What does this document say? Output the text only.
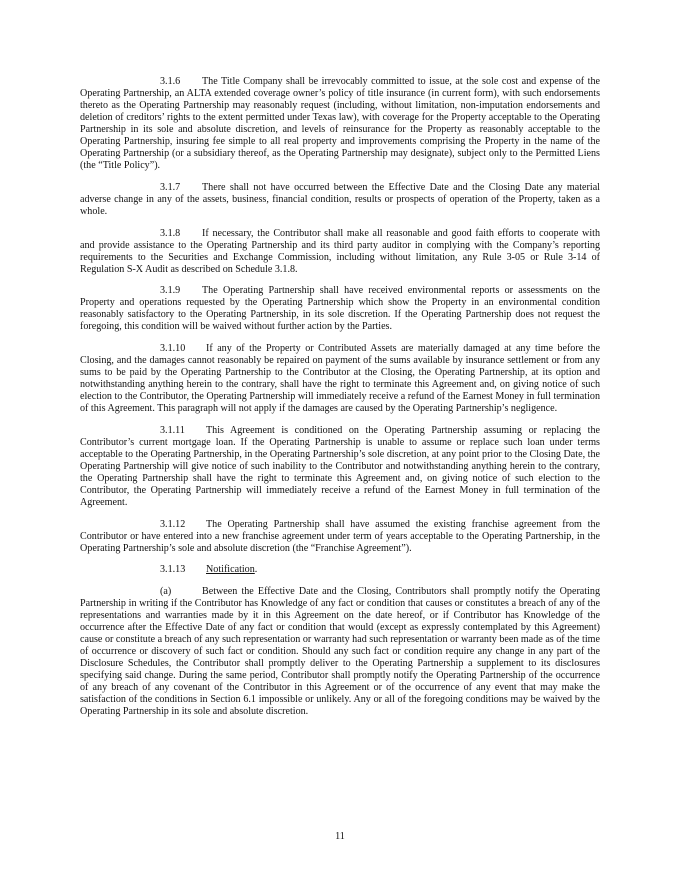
3.1.6 The Title Company shall be irrevocably committed to issue, at the sole cost and expense of the Operating Partnership, an ALTA extended coverage owner’s policy of title insurance (in current form), with such endorsements thereto as the Operating Partnership may reasonably request (including, without limitation, non-imputation endorsements and deletion of creditors’ rights to the extent permitted under Texas law), with coverage for the Property acceptable to the Operating Partnership in its sole and absolute discretion, and levels of reinsurance for the Property as reasonably acceptable to the Operating Partnership, insuring fee simple to all real property and improvements comprising the Property in the name of the Operating Partnership (or a subsidiary thereof, as the Operating Partnership may designate), subject only to the Permitted Liens (the “Title Policy”).

3.1.7 There shall not have occurred between the Effective Date and the Closing Date any material adverse change in any of the assets, business, financial condition, results or prospects of operation of the Property, taken as a whole.

3.1.8 If necessary, the Contributor shall make all reasonable and good faith efforts to cooperate with and provide assistance to the Operating Partnership and its third party auditor in complying with the Company’s reporting requirements to the Securities and Exchange Commission, including without limitation, any Rule 3-05 or Rule 3-14 of Regulation S-X Audit as described on Schedule 3.1.8.

3.1.9 The Operating Partnership shall have received environmental reports or assessments on the Property and operations requested by the Operating Partnership which show the Property in an environmental condition reasonably satisfactory to the Operating Partnership, in its sole discretion. If the Operating Partnership does not request the foregoing, this condition will be waived without further action by the Parties.

3.1.10 If any of the Property or Contributed Assets are materially damaged at any time before the Closing, and the damages cannot reasonably be repaired on payment of the sums available by insurance settlement or from any sums to be paid by the Operating Partnership to the Contributor at the Closing, the Operating Partnership, at its option and notwithstanding anything herein to the contrary, shall have the right to terminate this Agreement and, on giving notice of such election to the Contributor, the Operating Partnership will immediately receive a refund of the Earnest Money in full termination of this Agreement. This paragraph will not apply if the damages are caused by the Operating Partnership’s negligence.

3.1.11 This Agreement is conditioned on the Operating Partnership assuming or replacing the Contributor’s current mortgage loan. If the Operating Partnership is unable to assume or replace such loan under terms acceptable to the Operating Partnership, in the Operating Partnership’s sole discretion, at any point prior to the Closing Date, the Operating Partnership will give notice of such inability to the Contributor and notwithstanding anything herein to the contrary, the Operating Partnership shall have the right to terminate this Agreement and, on giving notice of such election to the Contributor, the Operating Partnership will immediately receive a refund of the Earnest Money in full termination of the Agreement.

3.1.12 The Operating Partnership shall have assumed the existing franchise agreement from the Contributor or have entered into a new franchise agreement under term of years acceptable to the Operating Partnership, in the Operating Partnership’s sole and absolute discretion (the “Franchise Agreement”).

3.1.13 Notification.

(a)	Between the Effective Date and the Closing, Contributors shall promptly notify the Operating Partnership in writing if the Contributor has Knowledge of any fact or condition that causes or constitutes a breach of any of the representations and warranties made by it in this Agreement on the date hereof, or if Contributor has Knowledge of the occurrence after the Effective Date of any fact or condition that would (except as expressly contemplated by this Agreement) cause or constitute a breach of any such representation or warranty had such representation or warranty been made as of the time of occurrence or discovery of such fact or condition. Should any such fact or condition require any change in any part of the Disclosure Schedules, the Contributor shall promptly deliver to the Operating Partnership a supplement to its disclosures specifying said change. During the same period, Contributor shall promptly notify the Operating Partnership of the occurrence of any breach of any covenant of the Contributor in this Agreement or of the occurrence of any event that may make the satisfaction of the conditions in Section 6.1 impossible or unlikely. Any or all of the foregoing conditions may be waived by the Operating Partnership in its sole and absolute discretion.

11
